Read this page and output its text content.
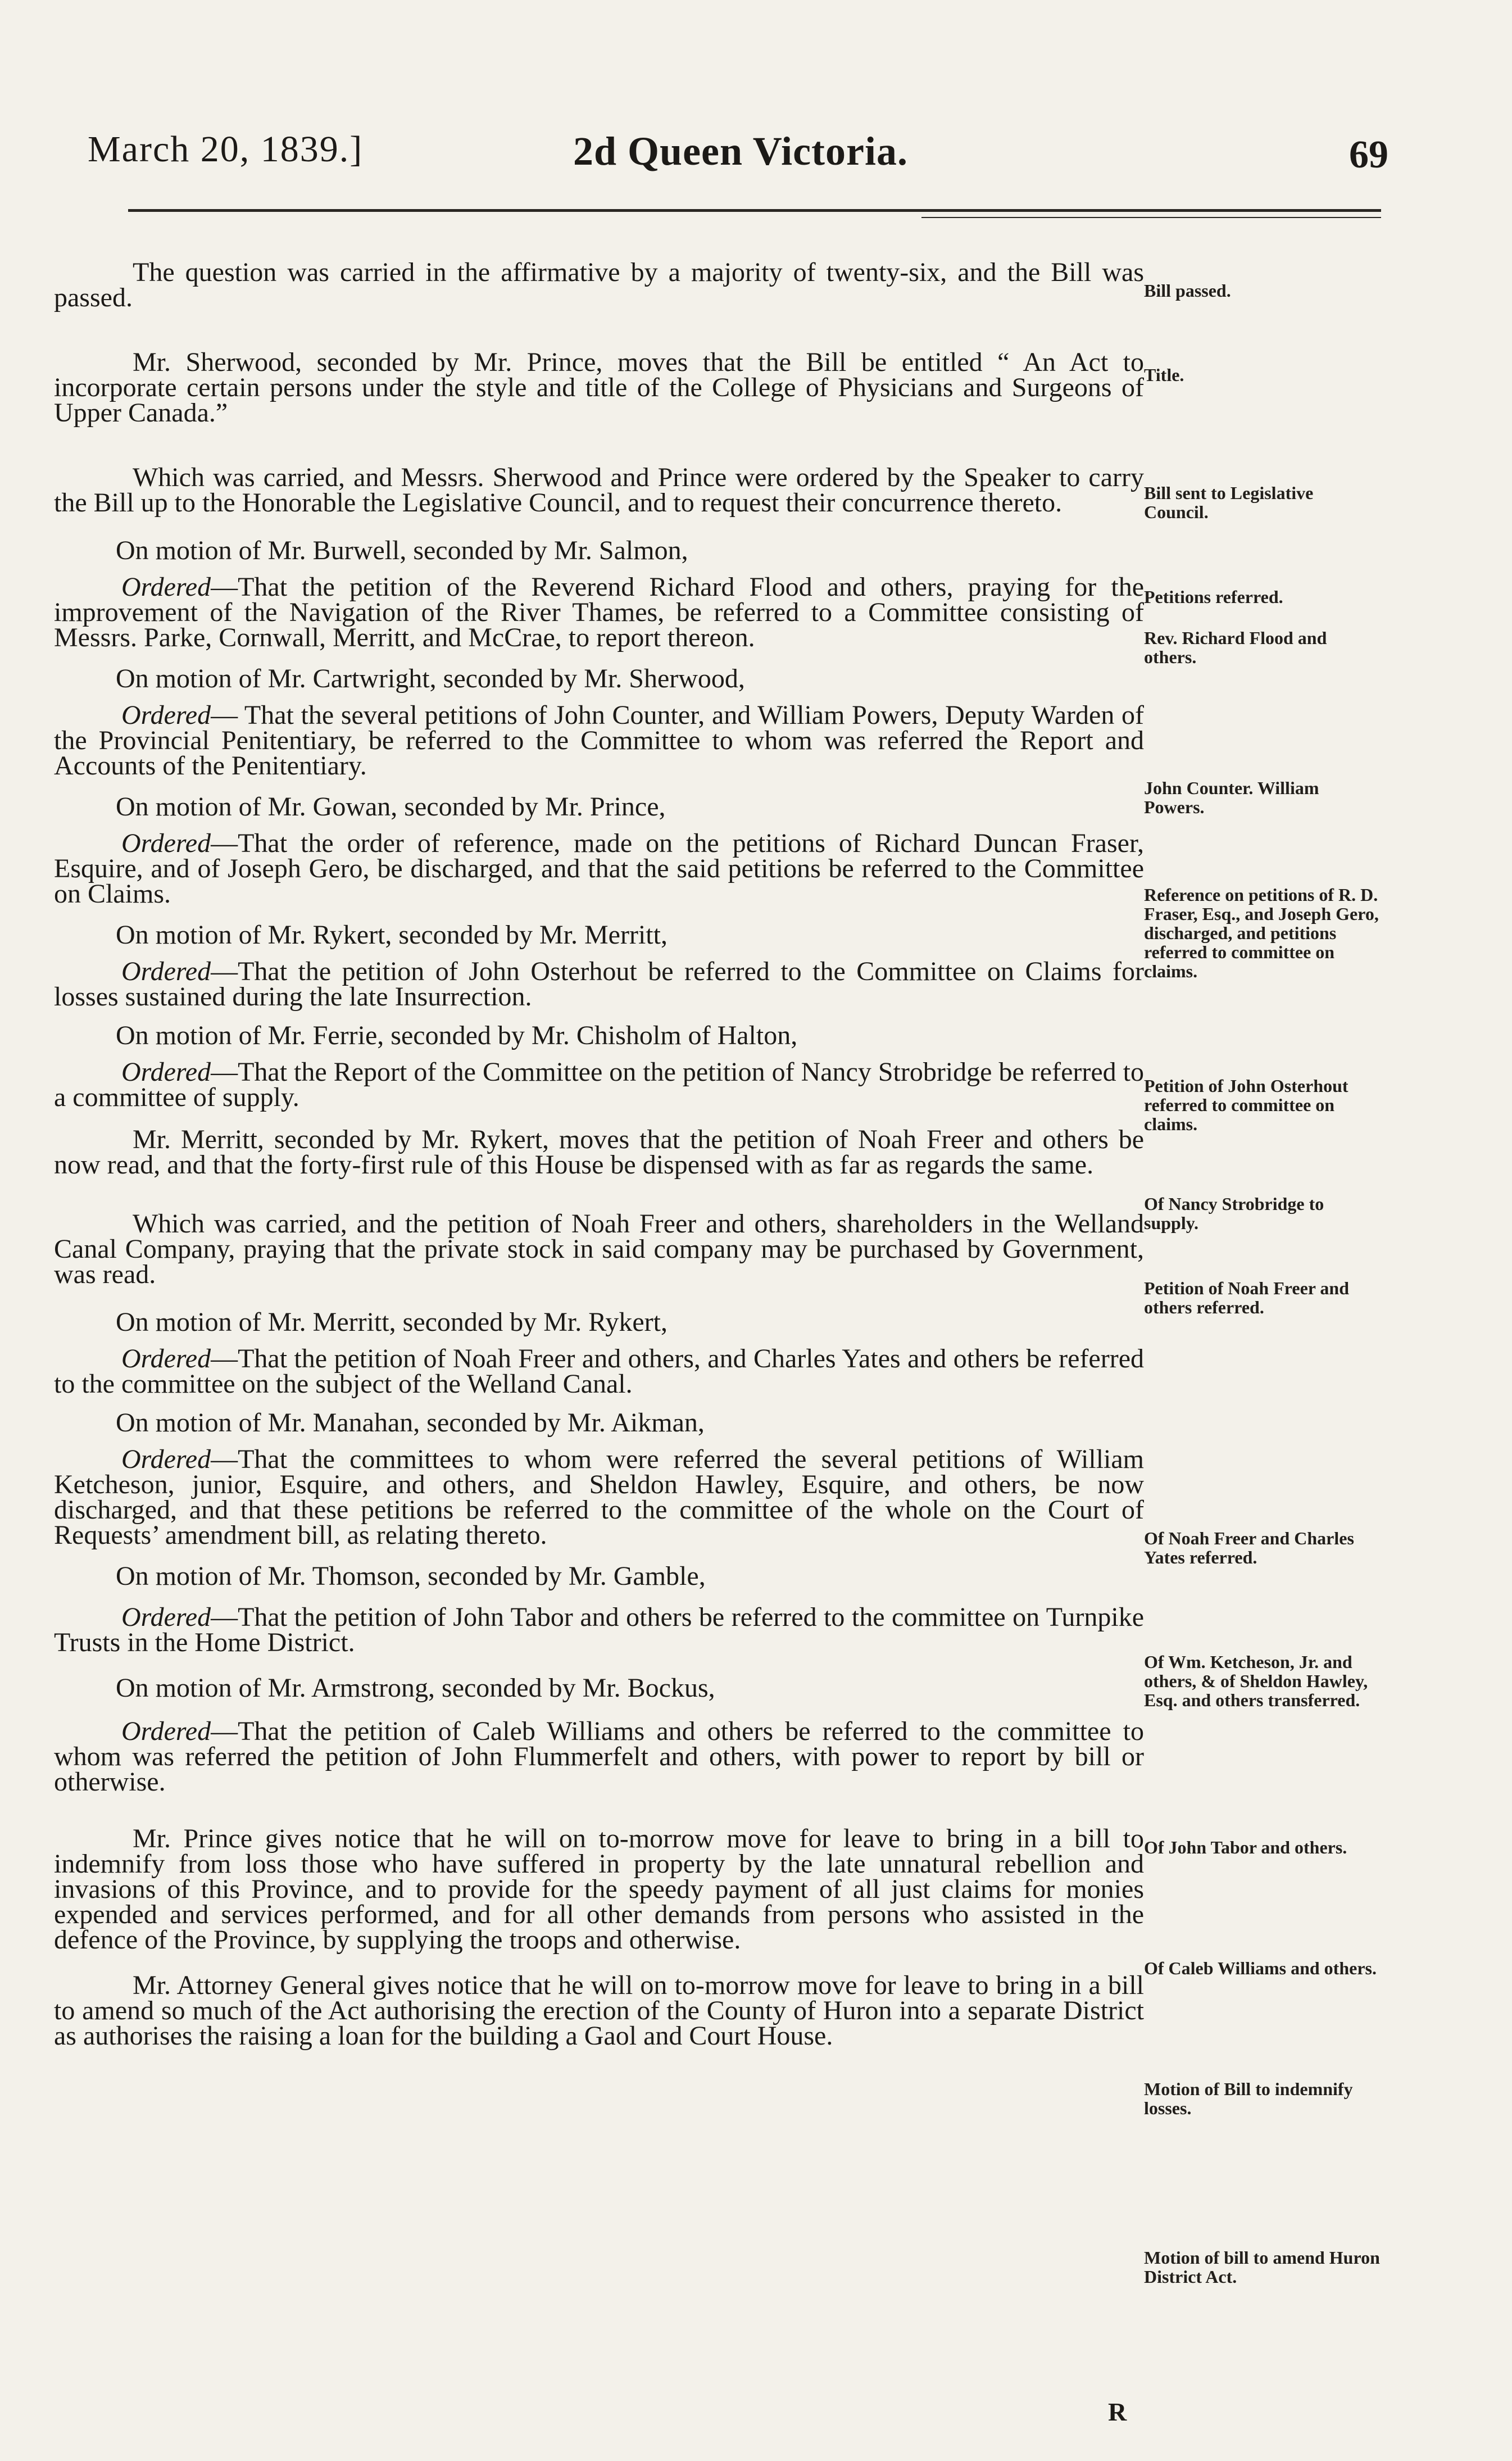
March 20, 1839.]	2d Queen Victoria.	69

The question was carried in the affirmative by a majority of twenty-six, and the Bill was passed.

Mr. Sherwood, seconded by Mr. Prince, moves that the Bill be entitled “ An Act to incorporate certain persons under the style and title of the College of Physicians and Surgeons of Upper Canada.”

Which was carried, and Messrs. Sherwood and Prince were ordered by the Speaker to carry the Bill up to the Honorable the Legislative Council, and to request their concurrence thereto.

On motion of Mr. Burwell, seconded by Mr. Salmon,

Ordered—That the petition of the Reverend Richard Flood and others, praying for the improvement of the Navigation of the River Thames, be referred to a Committee consisting of Messrs. Parke, Cornwall, Merritt, and McCrae, to report thereon.

On motion of Mr. Cartwright, seconded by Mr. Sherwood,

Ordered— That the several petitions of John Counter, and William Powers, Deputy Warden of the Provincial Penitentiary, be referred to the Committee to whom was referred the Report and Accounts of the Penitentiary.

On motion of Mr. Gowan, seconded by Mr. Prince,

Ordered—That the order of reference, made on the petitions of Richard Duncan Fraser, Esquire, and of Joseph Gero, be discharged, and that the said petitions be referred to the Committee on Claims.

On motion of Mr. Rykert, seconded by Mr. Merritt,

Ordered—That the petition of John Osterhout be referred to the Committee on Claims for losses sustained during the late Insurrection.

On motion of Mr. Ferrie, seconded by Mr. Chisholm of Halton,

Ordered—That the Report of the Committee on the petition of Nancy Strobridge be referred to a committee of supply.

Mr. Merritt, seconded by Mr. Rykert, moves that the petition of Noah Freer and others be now read, and that the forty-first rule of this House be dispensed with as far as regards the same.

Which was carried, and the petition of Noah Freer and others, shareholders in the Welland Canal Company, praying that the private stock in said company may be purchased by Government, was read.

On motion of Mr. Merritt, seconded by Mr. Rykert,

Ordered—That the petition of Noah Freer and others, and Charles Yates and others be referred to the committee on the subject of the Welland Canal.

On motion of Mr. Manahan, seconded by Mr. Aikman,

Ordered—That the committees to whom were referred the several petitions of William Ketcheson, junior, Esquire, and others, and Sheldon Hawley, Esquire, and others, be now discharged, and that these petitions be referred to the committee of the whole on the Court of Requests’ amendment bill, as relating thereto.

On motion of Mr. Thomson, seconded by Mr. Gamble,

Ordered—That the petition of John Tabor and others be referred to the committee on Turnpike Trusts in the Home District.

On motion of Mr. Armstrong, seconded by Mr. Bockus,

Ordered—That the petition of Caleb Williams and others be referred to the committee to whom was referred the petition of John Flummerfelt and others, with power to report by bill or otherwise.

Mr. Prince gives notice that he will on to-morrow move for leave to bring in a bill to indemnify from loss those who have suffered in property by the late unnatural rebellion and invasions of this Province, and to provide for the speedy payment of all just claims for monies expended and services performed, and for all other demands from persons who assisted in the defence of the Province, by supplying the troops and otherwise.

Mr. Attorney General gives notice that he will on to-morrow move for leave to bring in a bill to amend so much of the Act authorising the erection of the County of Huron into a separate District as authorises the raising a loan for the building a Gaol and Court House.

Bill passed.
Title.
Bill sent to Legislative Council.
Petitions referred.
Rev. Richard Flood and others.
John Counter. William Powers.
Reference on petitions of R. D. Fraser, Esq., and Joseph Gero, discharged, and petitions referred to committee on claims.
Petition of John Osterhout referred to committee on claims.
Of Nancy Strobridge to supply.
Petition of Noah Freer and others referred.
Of Noah Freer and Charles Yates referred.
Of Wm. Ketcheson, Jr. and others, & of Sheldon Hawley, Esq. and others transferred.
Of John Tabor and others.
Of Caleb Williams and others.
Motion of Bill to indemnify losses.
Motion of bill to amend Huron District Act.
R
